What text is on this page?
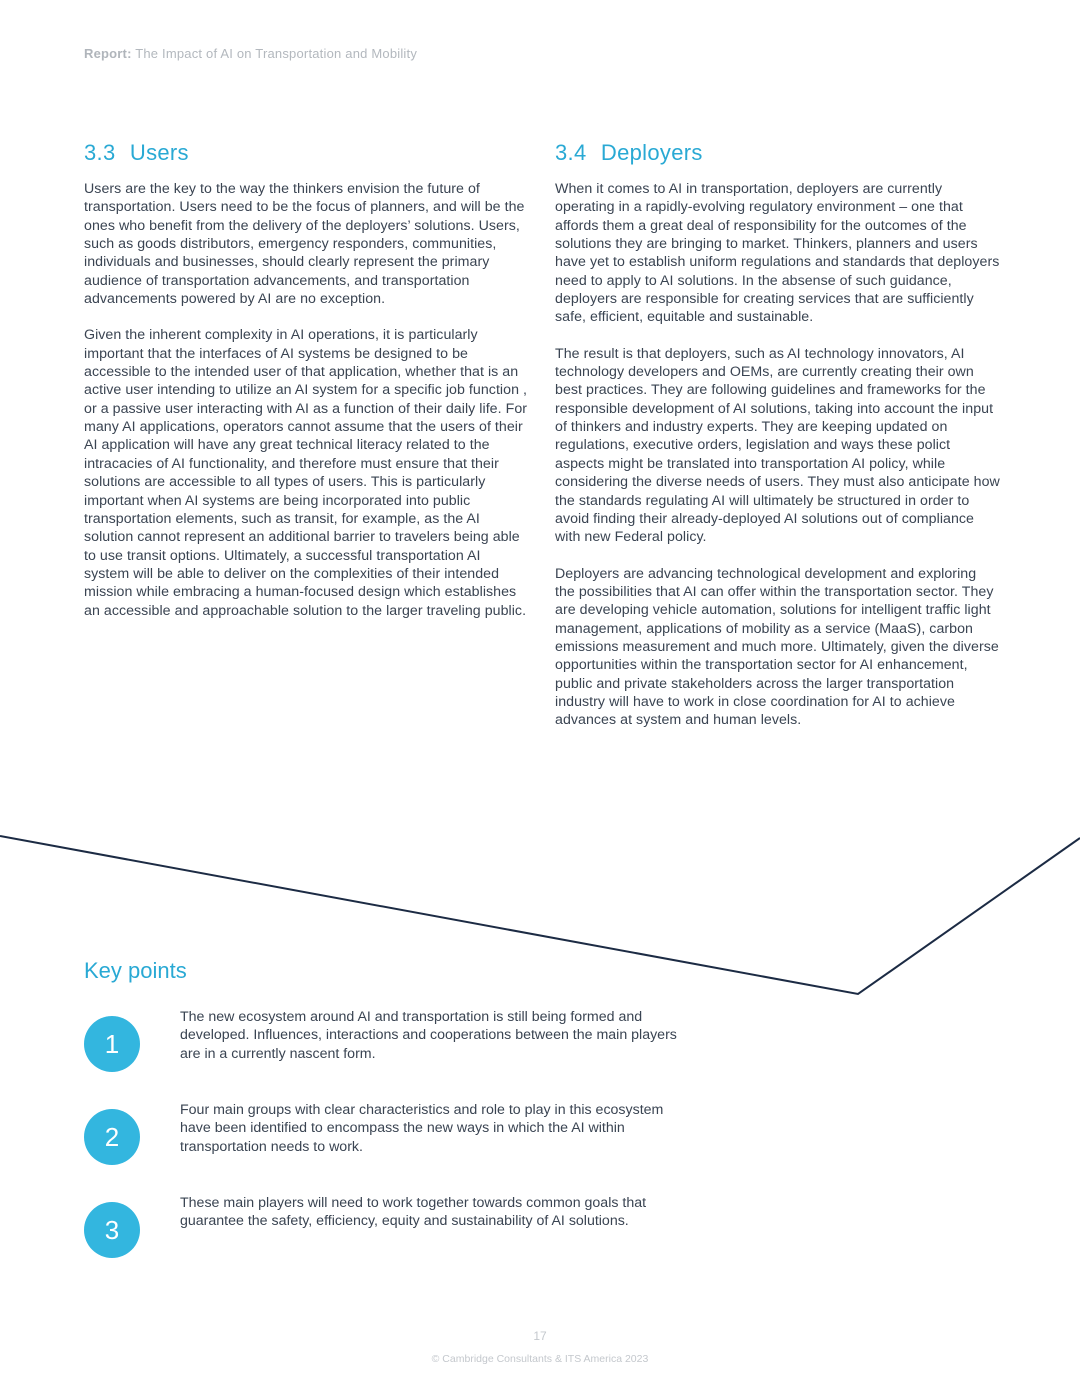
Report: The Impact of AI on Transportation and Mobility
3.3 Users

Users are the key to the way the thinkers envision the future of transportation. Users need to be the focus of planners, and will be the ones who benefit from the delivery of the deployers’ solutions. Users, such as goods distributors, emergency responders, communities, individuals and businesses, should clearly represent the primary audience of transportation advancements, and transportation advancements powered by AI are no exception.

Given the inherent complexity in AI operations, it is particularly important that the interfaces of AI systems be designed to be accessible to the intended user of that application, whether that is an active user intending to utilize an AI system for a specific job function , or a passive user interacting with AI as a function of their daily life. For many AI applications, operators cannot assume that the users of their AI application will have any great technical literacy related to the intracacies of AI functionality, and therefore must ensure that their solutions are accessible to all types of users. This is particularly important when AI systems are being incorporated into public transportation elements, such as transit, for example, as the AI solution cannot represent an additional barrier to travelers being able to use transit options. Ultimately, a successful transportation AI system will be able to deliver on the complexities of their intended mission while embracing a human-focused design which establishes an accessible and approachable solution to the larger traveling public.

3.4 Deployers

When it comes to AI in transportation, deployers are currently operating in a rapidly-evolving regulatory environment – one that affords them a great deal of responsibility for the outcomes of the solutions they are bringing to market. Thinkers, planners and users have yet to establish uniform regulations and standards that deployers need to apply to AI solutions. In the absense of such guidance, deployers are responsible for creating services that are sufficiently safe, efficient, equitable and sustainable.

The result is that deployers, such as AI technology innovators, AI technology developers and OEMs, are currently creating their own best practices. They are following guidelines and frameworks for the responsible development of AI solutions, taking into account the input of thinkers and industry experts. They are keeping updated on regulations, executive orders, legislation and ways these polict aspects might be translated into transportation AI policy, while considering the diverse needs of users. They must also anticipate how the standards regulating AI will ultimately be structured in order to avoid finding their already-deployed AI solutions out of compliance with new Federal policy.

Deployers are advancing technological development and exploring the possibilities that AI can offer within the transportation sector. They are developing vehicle automation, solutions for intelligent traffic light management, applications of mobility as a service (MaaS), carbon emissions measurement and much more. Ultimately, given the diverse opportunities within the transportation sector for AI enhancement, public and private stakeholders across the larger transportation industry will have to work in close coordination for AI to achieve advances at system and human levels.

Key points
1
The new ecosystem around AI and transportation is still being formed and developed. Influences, interactions and cooperations between the main players are in a currently nascent form.
2
Four main groups with clear characteristics and role to play in this ecosystem have been identified to encompass the new ways in which the AI within transportation needs to work.
3
These main players will need to work together towards common goals that guarantee the safety, efficiency, equity and sustainability of AI solutions.
17
© Cambridge Consultants & ITS America 2023
